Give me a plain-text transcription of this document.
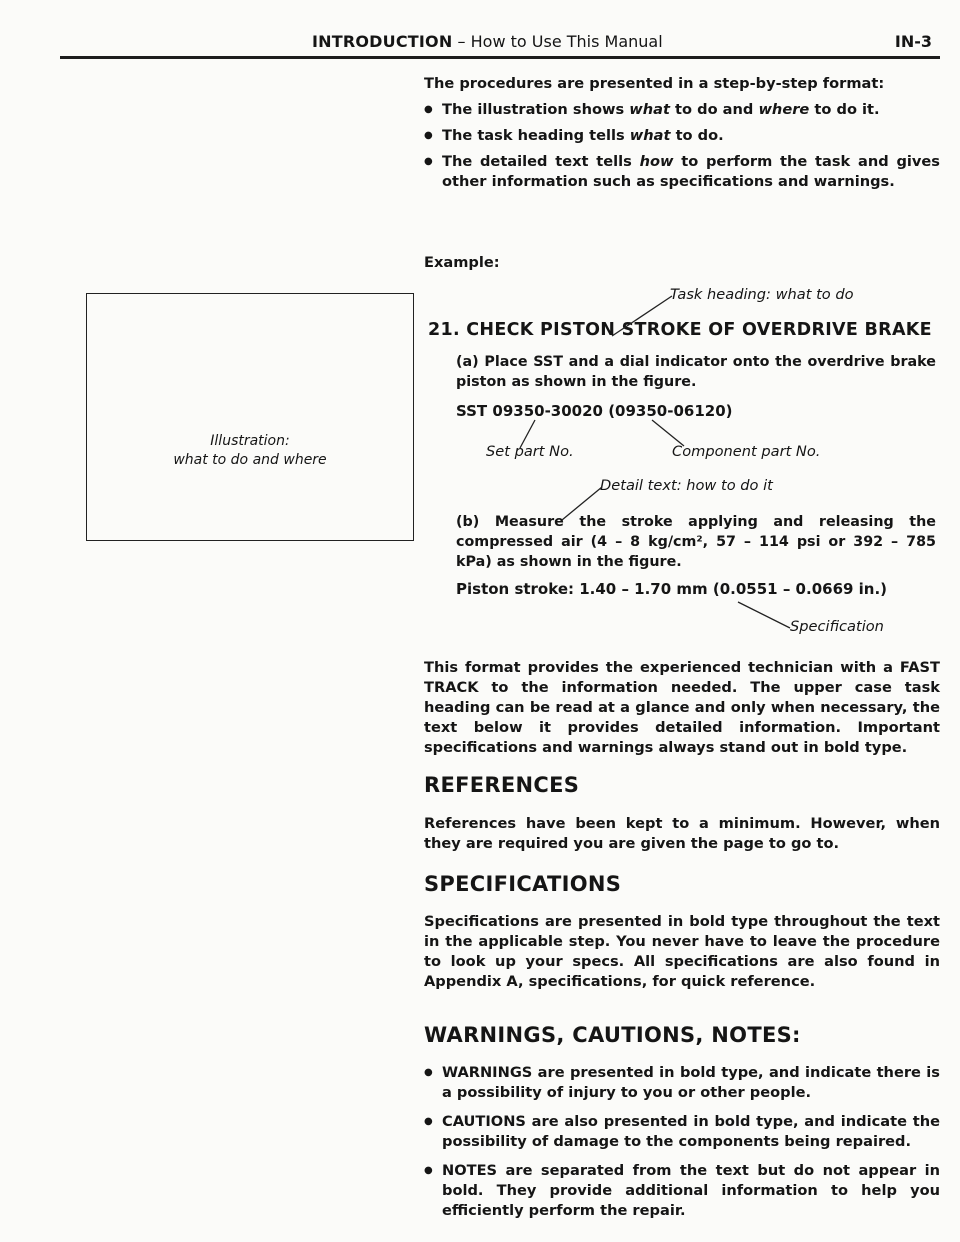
INTRODUCTION – How to Use This Manual	IN-3
The procedures are presented in a step-by-step format:
● The illustration shows what to do and where to do it.
● The task heading tells what to do.
● The detailed text tells how to perform the task and gives other information such as specifications and warnings.
Illustration:
what to do and where
Example:
Task heading: what to do
21. CHECK PISTON STROKE OF OVERDRIVE BRAKE
(a) Place SST and a dial indicator onto the overdrive brake piston as shown in the figure.
SST 09350-30020 (09350-06120)
Set part No.	Component part No.
Detail text: how to do it
(b) Measure the stroke applying and releasing the compressed air (4 – 8 kg/cm², 57 – 114 psi or 392 – 785 kPa) as shown in the figure.
Piston stroke: 1.40 – 1.70 mm (0.0551 – 0.0669 in.)
Specification
This format provides the experienced technician with a FAST TRACK to the information needed. The upper case task heading can be read at a glance and only when necessary, the text below it provides detailed information. Important specifications and warnings always stand out in bold type.
REFERENCES
References have been kept to a minimum. However, when they are required you are given the page to go to.
SPECIFICATIONS
Specifications are presented in bold type throughout the text in the applicable step. You never have to leave the procedure to look up your specs. All specifications are also found in Appendix A, specifications, for quick reference.
WARNINGS, CAUTIONS, NOTES:
● WARNINGS are presented in bold type, and indicate there is a possibility of injury to you or other people.
● CAUTIONS are also presented in bold type, and indicate the possibility of damage to the components being repaired.
● NOTES are separated from the text but do not appear in bold. They provide additional information to help you efficiently perform the repair.
